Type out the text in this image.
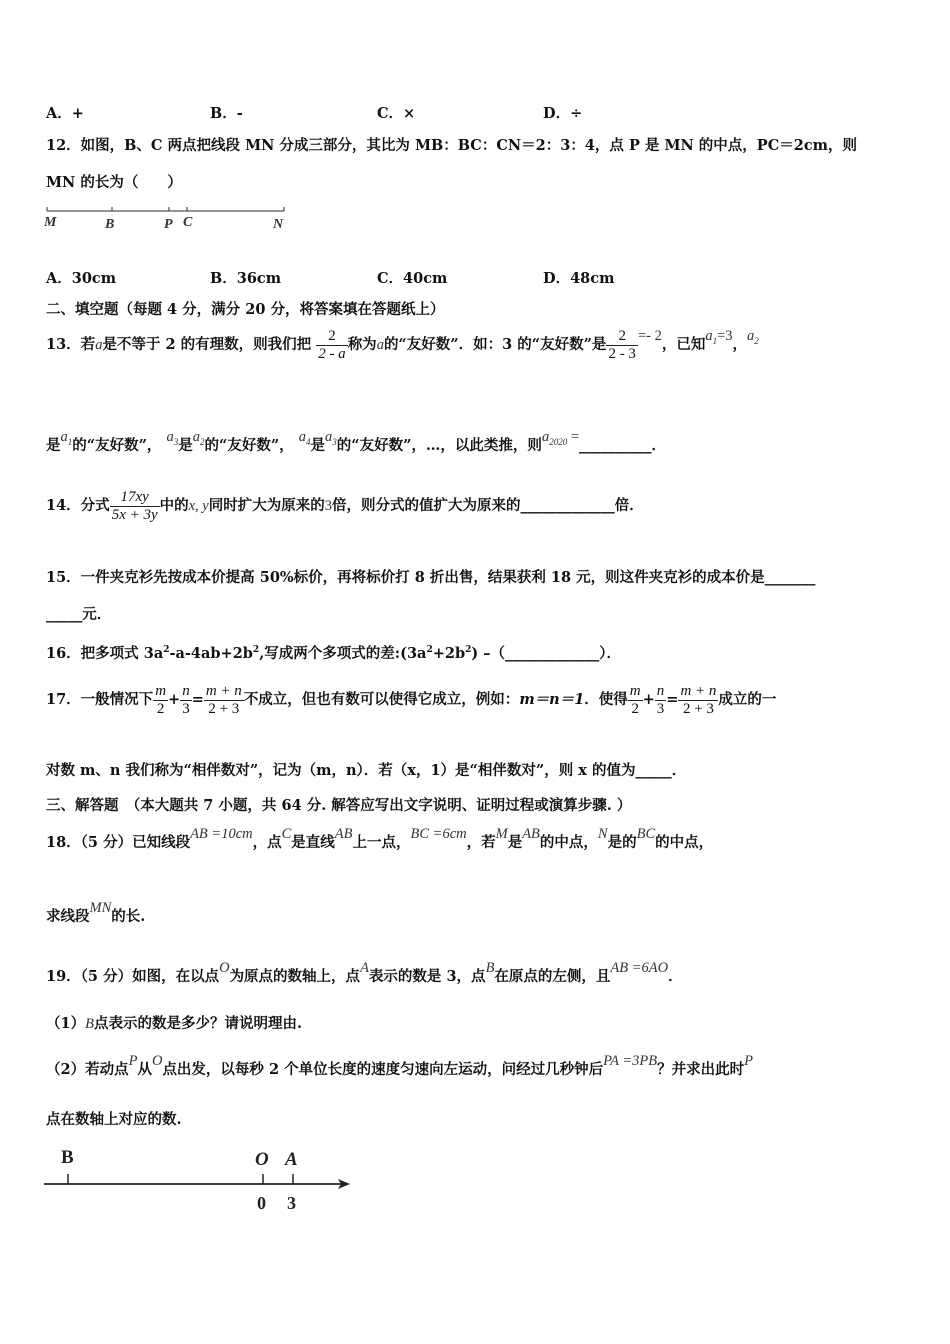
A．+	B．-	C．×	D．÷
12．如图，B、C 两点把线段 MN 分成三部分，其比为 MB：BC：CN＝2：3：4，点 P 是 MN 的中点，PC＝2cm，则
MN 的长为（　　）
M	B	P C	N
A．30cm	B．36cm	C．40cm	D．48cm
二、填空题（每题 4 分，满分 20 分，将答案填在答题纸上）
13．若a是不等于 2 的有理数，则我们把 $\frac{2}{2 - a}$ 称为a的“友好数”．如：3 的“友好数”是 $\frac{2}{2 - 3} =- 2$，已知$a_1=3$，$a_2$
是$a_1$的“友好数”， $a_3$是$a_2$的“友好数”， $a_4$是$a_3$的“友好数”，…，以此类推，则$a_{2020}$ =__________．
14．分式 $\frac{17xy}{5x + 3y}$ 中的x, y同时扩大为原来的3倍，则分式的值扩大为原来的_____________倍．
15．一件夹克衫先按成本价提高 50%标价，再将标价打 8 折出售，结果获利 18 元，则这件夹克衫的成本价是_______
_____元．
16．把多项式 $3a^2-a-4ab+2b^2$,写成两个多项式的差$:(3a^2+2b^2)$ –（_____________）．
17．一般情况下 $\frac{m}{2} + \frac{n}{3} = \frac{m + n}{2 + 3}$ 不成立，但也有数可以使得它成立，例如：m＝n＝1．使得 $\frac{m}{2} + \frac{n}{3} = \frac{m + n}{2 + 3}$ 成立的一
对数 m、n 我们称为“相伴数对”，记为（m，n）．若（x，1）是“相伴数对”，则 x 的值为_____．
三、解答题　（本大题共 7 小题，共 64 分. 解答应写出文字说明、证明过程或演算步骤. ）
18．（5 分）已知线段AB =10cm，点C是直线AB上一点，BC =6cm，若M是AB的中点，N是的BC的中点，
求线段MN的长.
19．（5 分）如图，在以点O为原点的数轴上，点A表示的数是 3，点B在原点的左侧，且AB =6AO．
（1）B点表示的数是多少？请说明理由.
（2）若动点P从O点出发，以每秒 2 个单位长度的速度匀速向左运动，问经过几秒钟后PA =3PB？并求出此时P
点在数轴上对应的数.
B	O A
0 3
